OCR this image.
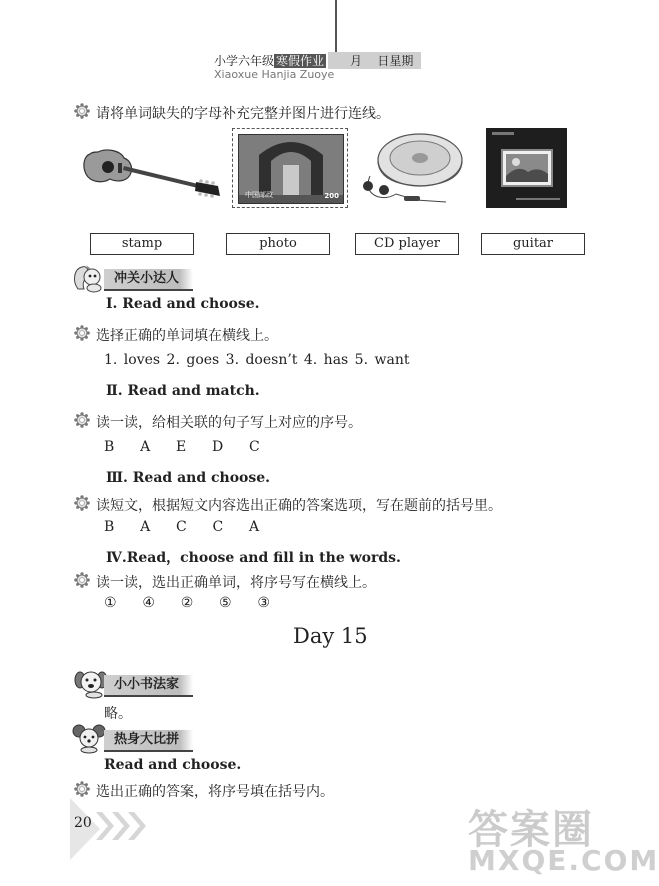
小学六年级 寒假作业 月 日星期
Xiaoxue Hanjia Zuoye
请将单词缺失的字母补充完整并图片进行连线。
中国邮政	200
stamp	photo	CD player	guitar
冲关小达人
Ⅰ. Read and choose.
选择正确的单词填在横线上。
1. loves 2. goes 3. doesn’t 4. has 5. want
Ⅱ. Read and match.
读一读，给相关联的句子写上对应的序号。
B    A    E    D    C
Ⅲ. Read and choose.
读短文，根据短文内容选出正确的答案选项，写在题前的括号里。
B    A    C    C    A
Ⅳ.Read，choose and fill in the words.
读一读，选出正确单词，将序号写在横线上。
①    ④    ②    ⑤    ③
Day 15
小小书法家
略。
热身大比拼
Read and choose.
选出正确的答案，将序号填在括号内。
20	答案圈
MXQE.COM
